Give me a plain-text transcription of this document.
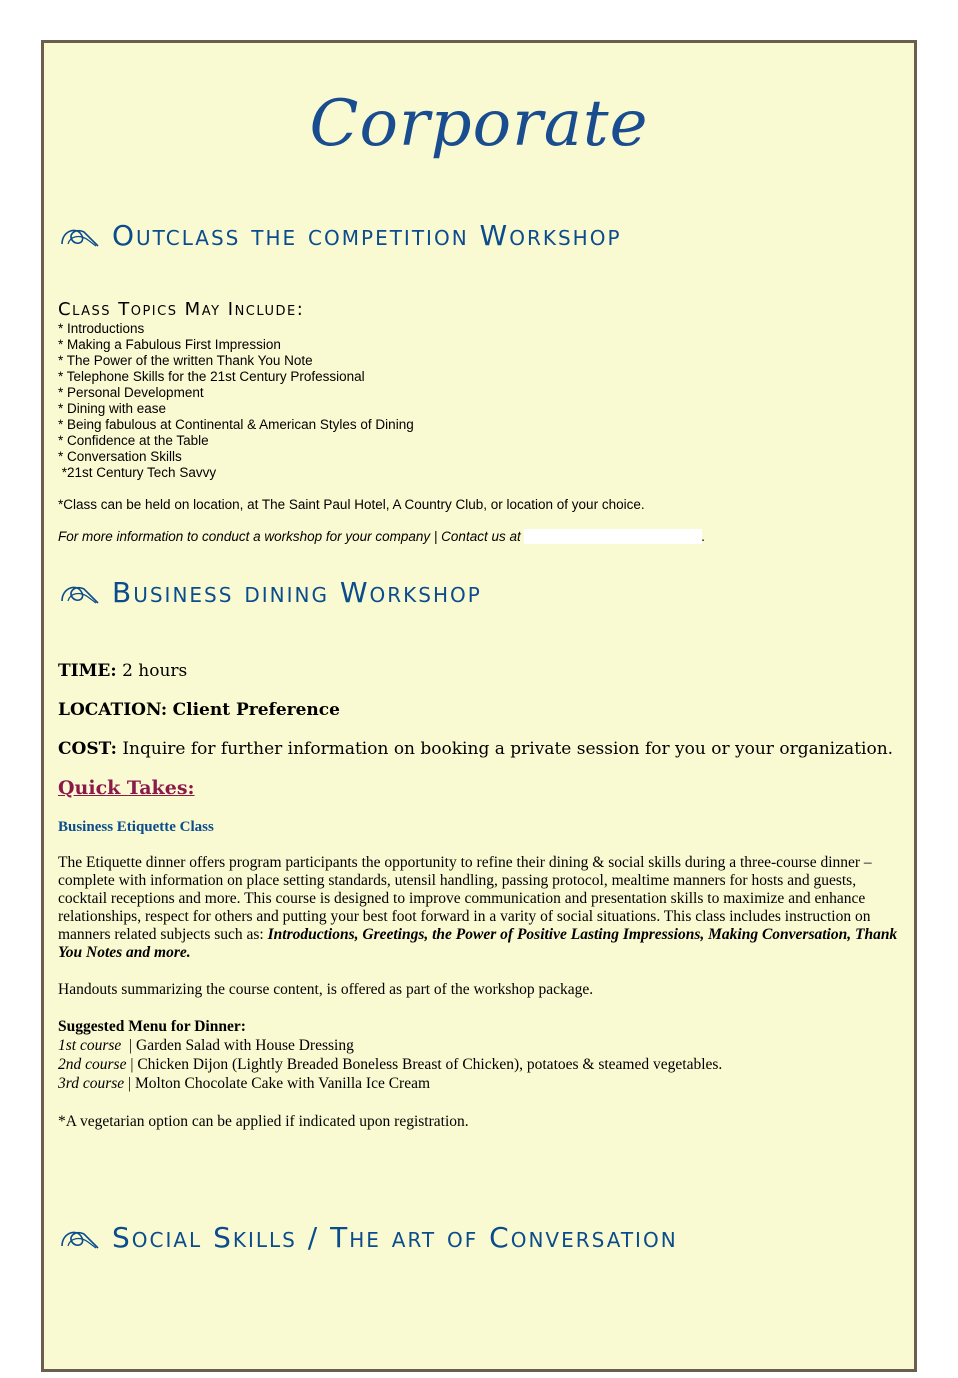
Corporate
Outclass the competition Workshop
Class Topics May Include:
* Introductions
* Making a Fabulous First Impression
* The Power of the written Thank You Note
* Telephone Skills for the 21st Century Professional
* Personal Development
* Dining with ease
* Being fabulous at Continental & American Styles of Dining
* Confidence at the Table
* Conversation Skills
*21st Century Tech Savvy
*Class can be held on location, at The Saint Paul Hotel, A Country Club, or location of your choice.
For more information to conduct a workshop for your company | Contact us at	.
Business dining Workshop
TIME: 2 hours
LOCATION: Client Preference
COST: Inquire for further information on booking a private session for you or your organization.
Quick Takes:
Business Etiquette Class
The Etiquette dinner offers program participants the opportunity to refine their dining & social skills during a three-course dinner – complete with information on place setting standards, utensil handling, passing protocol, mealtime manners for hosts and guests, cocktail receptions and more. This course is designed to improve communication and presentation skills to maximize and enhance relationships, respect for others and putting your best foot forward in a varity of social situations. This class includes instruction on manners related subjects such as: Introductions, Greetings, the Power of Positive Lasting Impressions, Making Conversation, Thank You Notes and more.
Handouts summarizing the course content, is offered as part of the workshop package.
Suggested Menu for Dinner:
1st course  | Garden Salad with House Dressing
2nd course | Chicken Dijon (Lightly Breaded Boneless Breast of Chicken), potatoes & steamed vegetables.
3rd course | Molton Chocolate Cake with Vanilla Ice Cream
*A vegetarian option can be applied if indicated upon registration.
Social Skills / The art of Conversation
